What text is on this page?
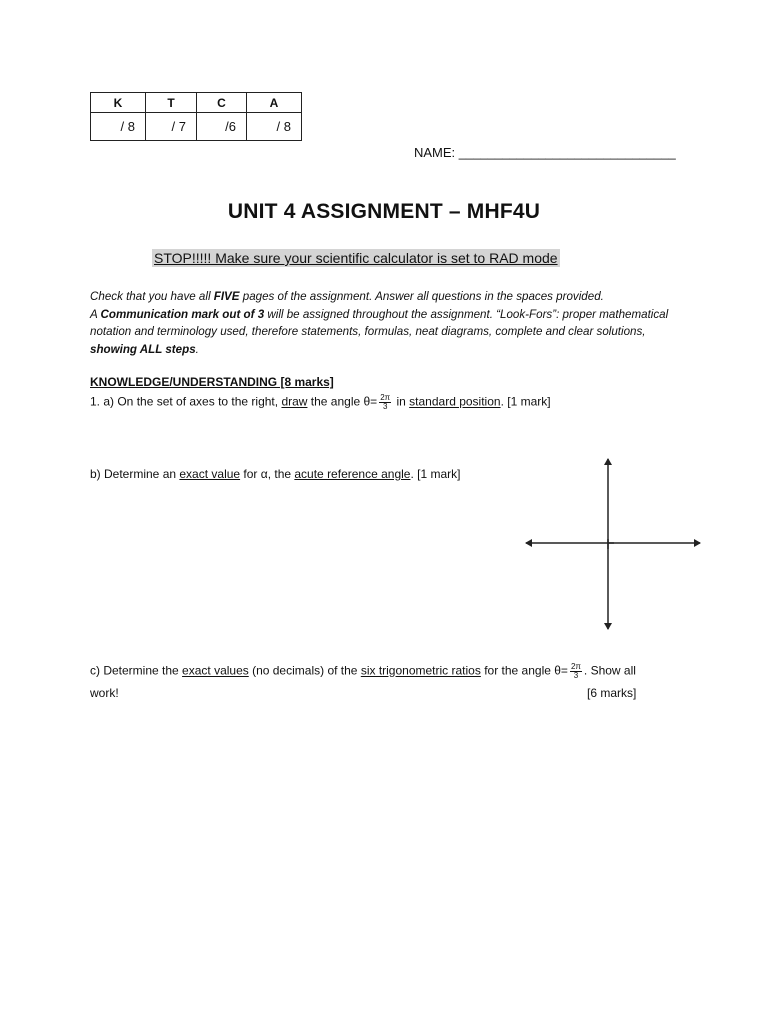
K	T	C	A
/ 8	/ 7	/6	/ 8
NAME: ______________________________
UNIT 4 ASSIGNMENT – MHF4U
STOP!!!!! Make sure your scientific calculator is set to RAD mode
Check that you have all FIVE pages of the assignment. Answer all questions in the spaces provided.
A Communication mark out of 3 will be assigned throughout the assignment. “Look-Fors”: proper mathematical notation and terminology used, therefore statements, formulas, neat diagrams, complete and clear solutions, showing ALL steps.
KNOWLEDGE/UNDERSTANDING [8 marks]
1. a) On the set of axes to the right, draw the angle $\theta= \frac{2\pi}{3}$ in standard position. [1 mark]
b) Determine an exact value for α, the acute reference angle. [1 mark]
c) Determine the exact values (no decimals) of the six trigonometric ratios for the angle $\theta= \frac{2\pi}{3}$ . Show all
work!	[6 marks]
